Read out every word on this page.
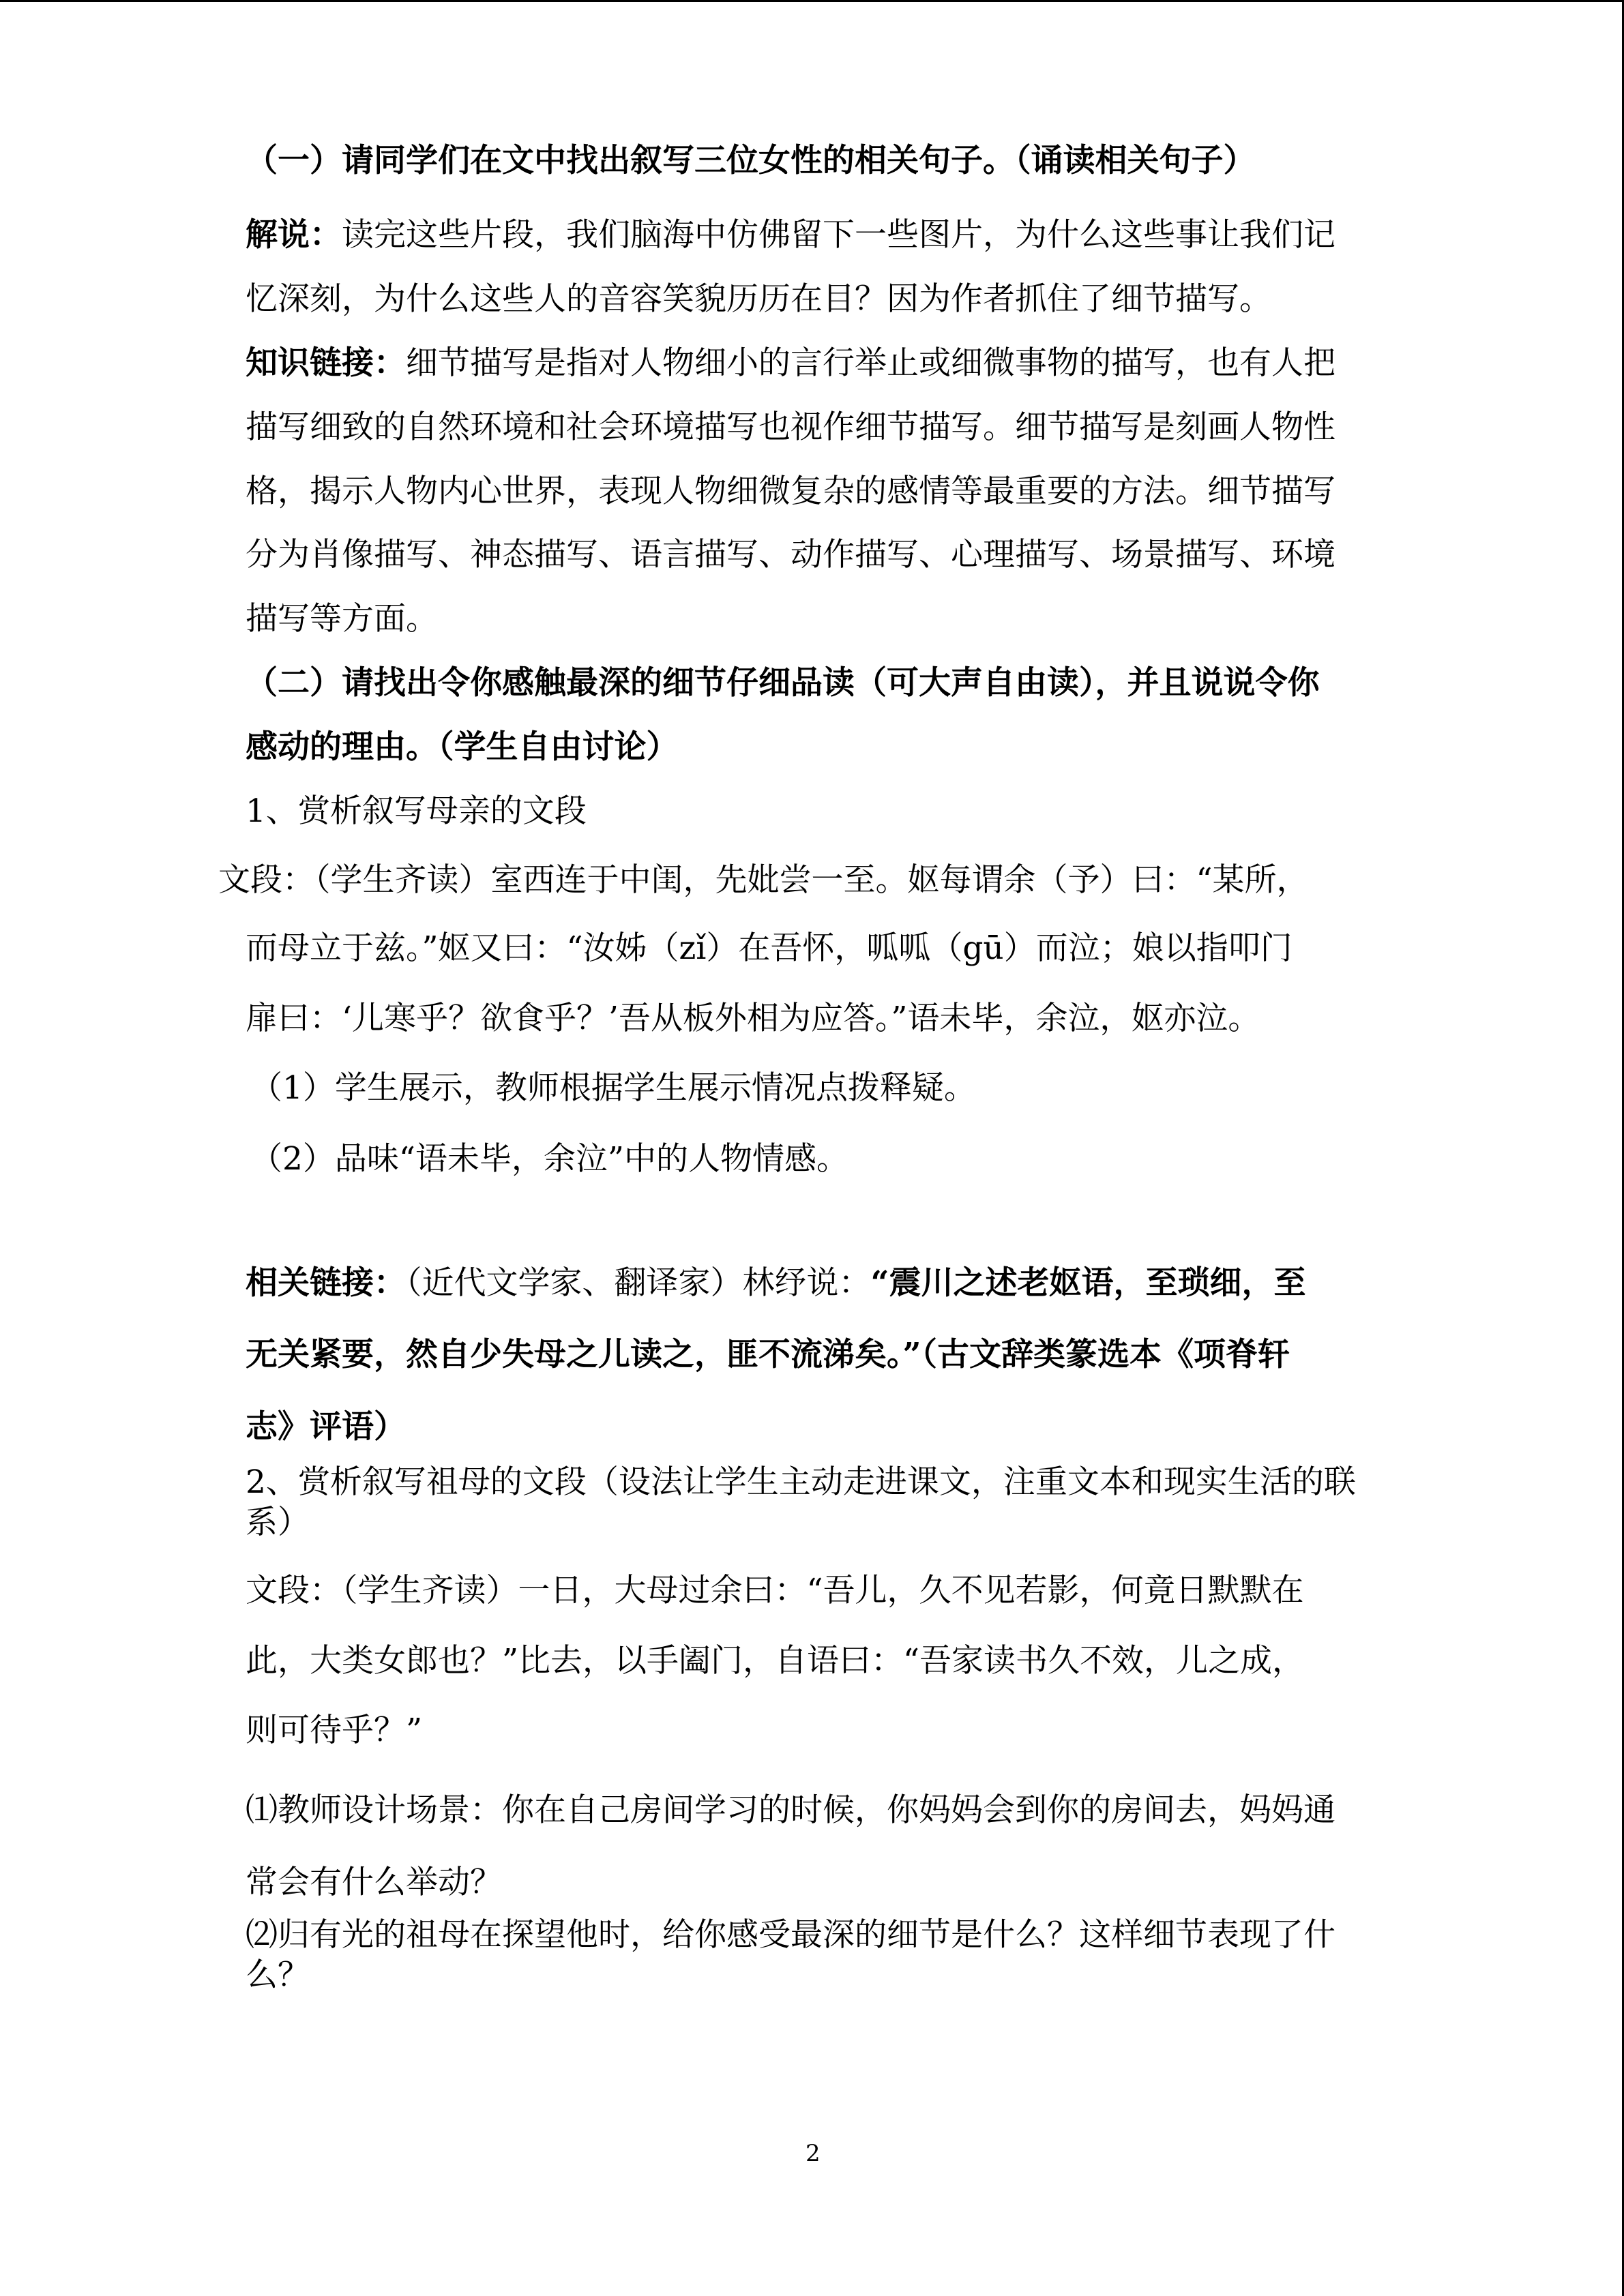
（一）请同学们在文中找出叙写三位女性的相关句子。（诵读相关句子）
解说：读完这些片段，我们脑海中仿佛留下一些图片，为什么这些事让我们记
忆深刻，为什么这些人的音容笑貌历历在目？因为作者抓住了细节描写。
知识链接：细节描写是指对人物细小的言行举止或细微事物的描写，也有人把
描写细致的自然环境和社会环境描写也视作细节描写。细节描写是刻画人物性
格，揭示人物内心世界，表现人物细微复杂的感情等最重要的方法。细节描写
分为肖像描写、神态描写、语言描写、动作描写、心理描写、场景描写、环境
描写等方面。
（二）请找出令你感触最深的细节仔细品读（可大声自由读），并且说说令你
感动的理由。（学生自由讨论）
1、赏析叙写母亲的文段
文段：（学生齐读）室西连于中闺，先妣尝一至。妪每谓余（予）曰：“某所，
而母立于兹。”妪又曰：“汝姊（zǐ）在吾怀，呱呱（gū）而泣；娘以指叩门
扉曰：‘儿寒乎？欲食乎？’吾从板外相为应答。”语未毕，余泣，妪亦泣。
（1）学生展示，教师根据学生展示情况点拨释疑。
（2）品味“语未毕，余泣”中的人物情感。
相关链接：（近代文学家、翻译家）林纾说：“震川之述老妪语，至琐细，至
无关紧要，然自少失母之儿读之，匪不流涕矣。”（古文辞类篆选本《项脊轩
志》评语）
2、赏析叙写祖母的文段（设法让学生主动走进课文，注重文本和现实生活的联
系）
文段：（学生齐读）一日，大母过余曰：“吾儿，久不见若影，何竟日默默在
此，大类女郎也？”比去，以手阖门，自语曰：“吾家读书久不效，儿之成，
则可待乎？”
⑴教师设计场景：你在自己房间学习的时候，你妈妈会到你的房间去，妈妈通
常会有什么举动？
⑵归有光的祖母在探望他时，给你感受最深的细节是什么？这样细节表现了什
么？
2
